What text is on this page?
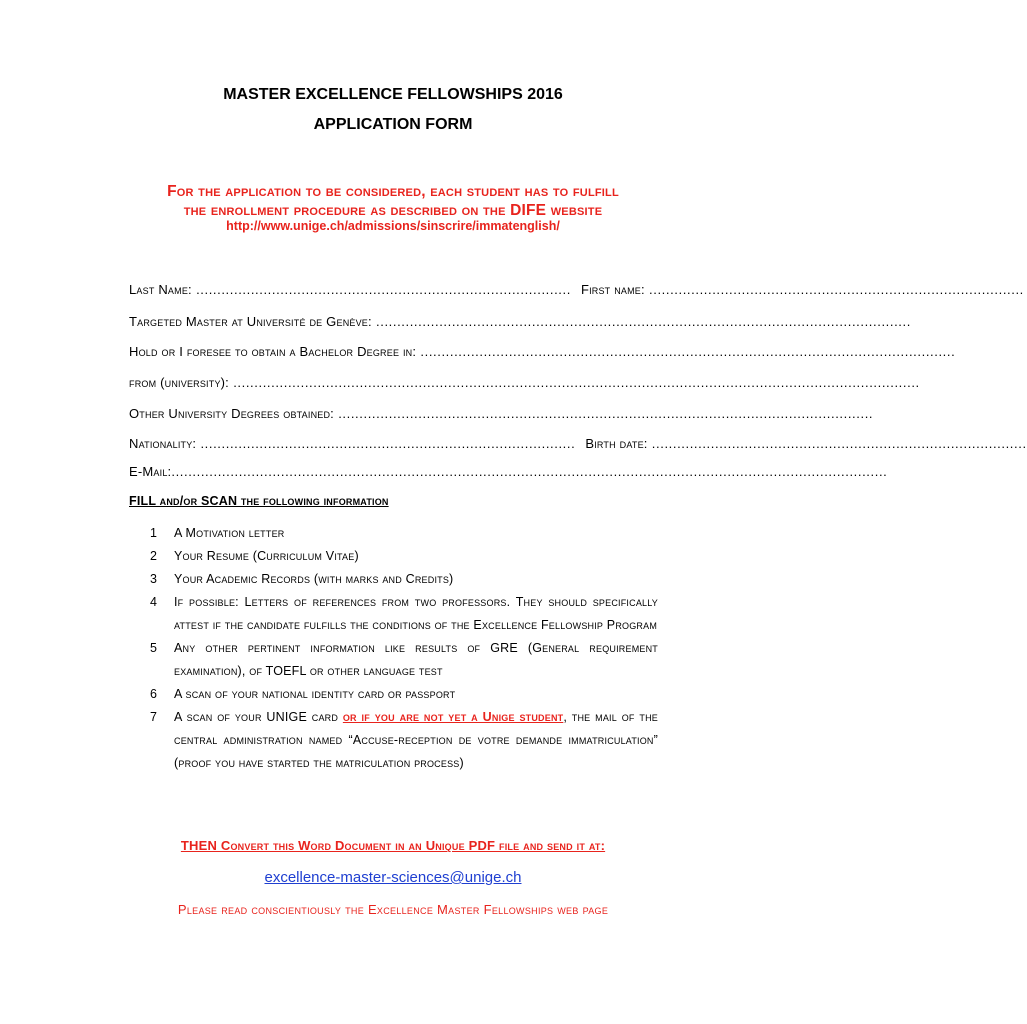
MASTER EXCELLENCE FELLOWSHIPS 2016
APPLICATION FORM
For the application to be considered, each student has to fulfill
the enrollment procedure as described on the DIFE website
http://www.unige.ch/admissions/sinscrire/immatenglish/
Last Name: ......................................................................................... First name: .........................................................................................
Targeted Master at Université de Genève: ...............................................................................................................................
Hold or I foresee to obtain a Bachelor Degree in: ...............................................................................................................................
from (university): ...................................................................................................................................................................
Other University Degrees obtained: ...............................................................................................................................
Nationality: ......................................................................................... Birth date: .........................................................................................
E-Mail: ..........................................................................................................................................................................
FILL and/or SCAN the following information
1	A Motivation letter
2	Your Resume (Curriculum Vitae)
3	Your Academic Records (with marks and Credits)
4	If possible: Letters of references from two professors. They should specifically attest if the candidate fulfills the conditions of the Excellence Fellowship Program
5	Any other pertinent information like results of GRE (General requirement examination), of TOEFL or other language test
6	A scan of your national identity card or passport
7	A scan of your UNIGE card or if you are not yet a Unige student, the mail of the central administration named “Accuse-reception de votre demande immatriculation” (proof you have started the matriculation process)
THEN Convert this Word Document in an Unique PDF file and send it at:
excellence-master-sciences@unige.ch
Please read conscientiously the Excellence Master Fellowships web page
